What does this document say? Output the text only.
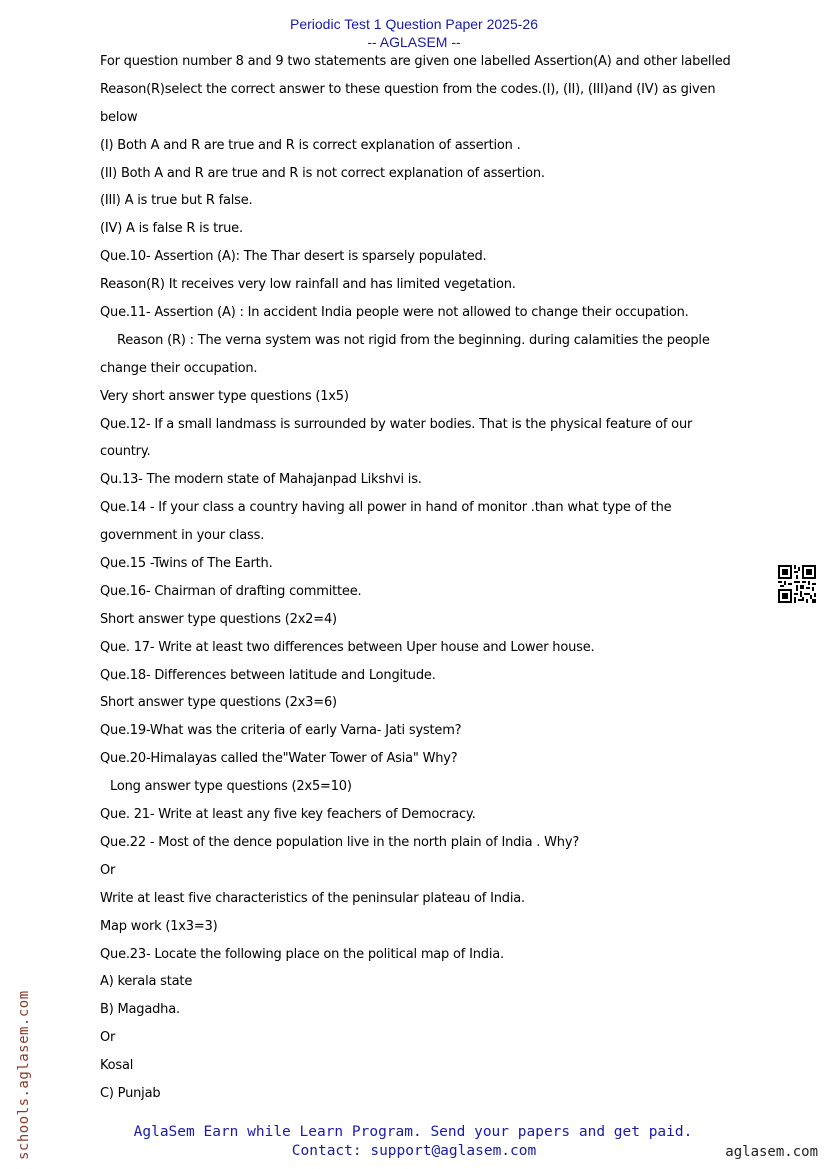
Periodic Test 1 Question Paper 2025-26
-- AGLASEM --
For question number 8 and 9 two statements are given one labelled Assertion(A) and other labelled
Reason(R)select the correct answer to these question from the codes.(I), (II), (III)and (IV) as given
below
(I) Both A and R are true and R is correct explanation of assertion .
(II) Both A and R are true and R is not correct explanation of assertion.
(III) A is true but R false.
(IV) A is false R is true.
Que.10- Assertion (A): The Thar desert is sparsely populated.
Reason(R) It receives very low rainfall and has limited vegetation.
Que.11- Assertion (A) : In accident India people were not allowed to change their occupation.
Reason (R) : The verna system was not rigid from the beginning. during calamities the people
change their occupation.
Very short answer type questions (1x5)
Que.12- If a small landmass is surrounded by water bodies. That is the physical feature of our
country.
Qu.13- The modern state of Mahajanpad Likshvi is.
Que.14 - If your class a country having all power in hand of monitor .than what type of the
government in your class.
Que.15 -Twins of The Earth.
Que.16- Chairman of drafting committee.
Short answer type questions (2x2=4)
Que. 17- Write at least two differences between Uper house and Lower house.
Que.18- Differences between latitude and Longitude.
Short answer type questions (2x3=6)
Que.19-What was the criteria of early Varna- Jati system?
Que.20-Himalayas called the"Water Tower of Asia" Why?
Long answer type questions (2x5=10)
Que. 21- Write at least any five key feachers of Democracy.
Que.22 - Most of the dence population live in the north plain of India . Why?
Or
Write at least five characteristics of the peninsular plateau of India.
Map work (1x3=3)
Que.23- Locate the following place on the political map of India.
A) kerala state
B) Magadha.
Or
Kosal
C) Punjab
schools.aglasem.com	AglaSem Earn while Learn Program. Send your papers and get paid.
Contact: support@aglasem.com	aglasem.com
